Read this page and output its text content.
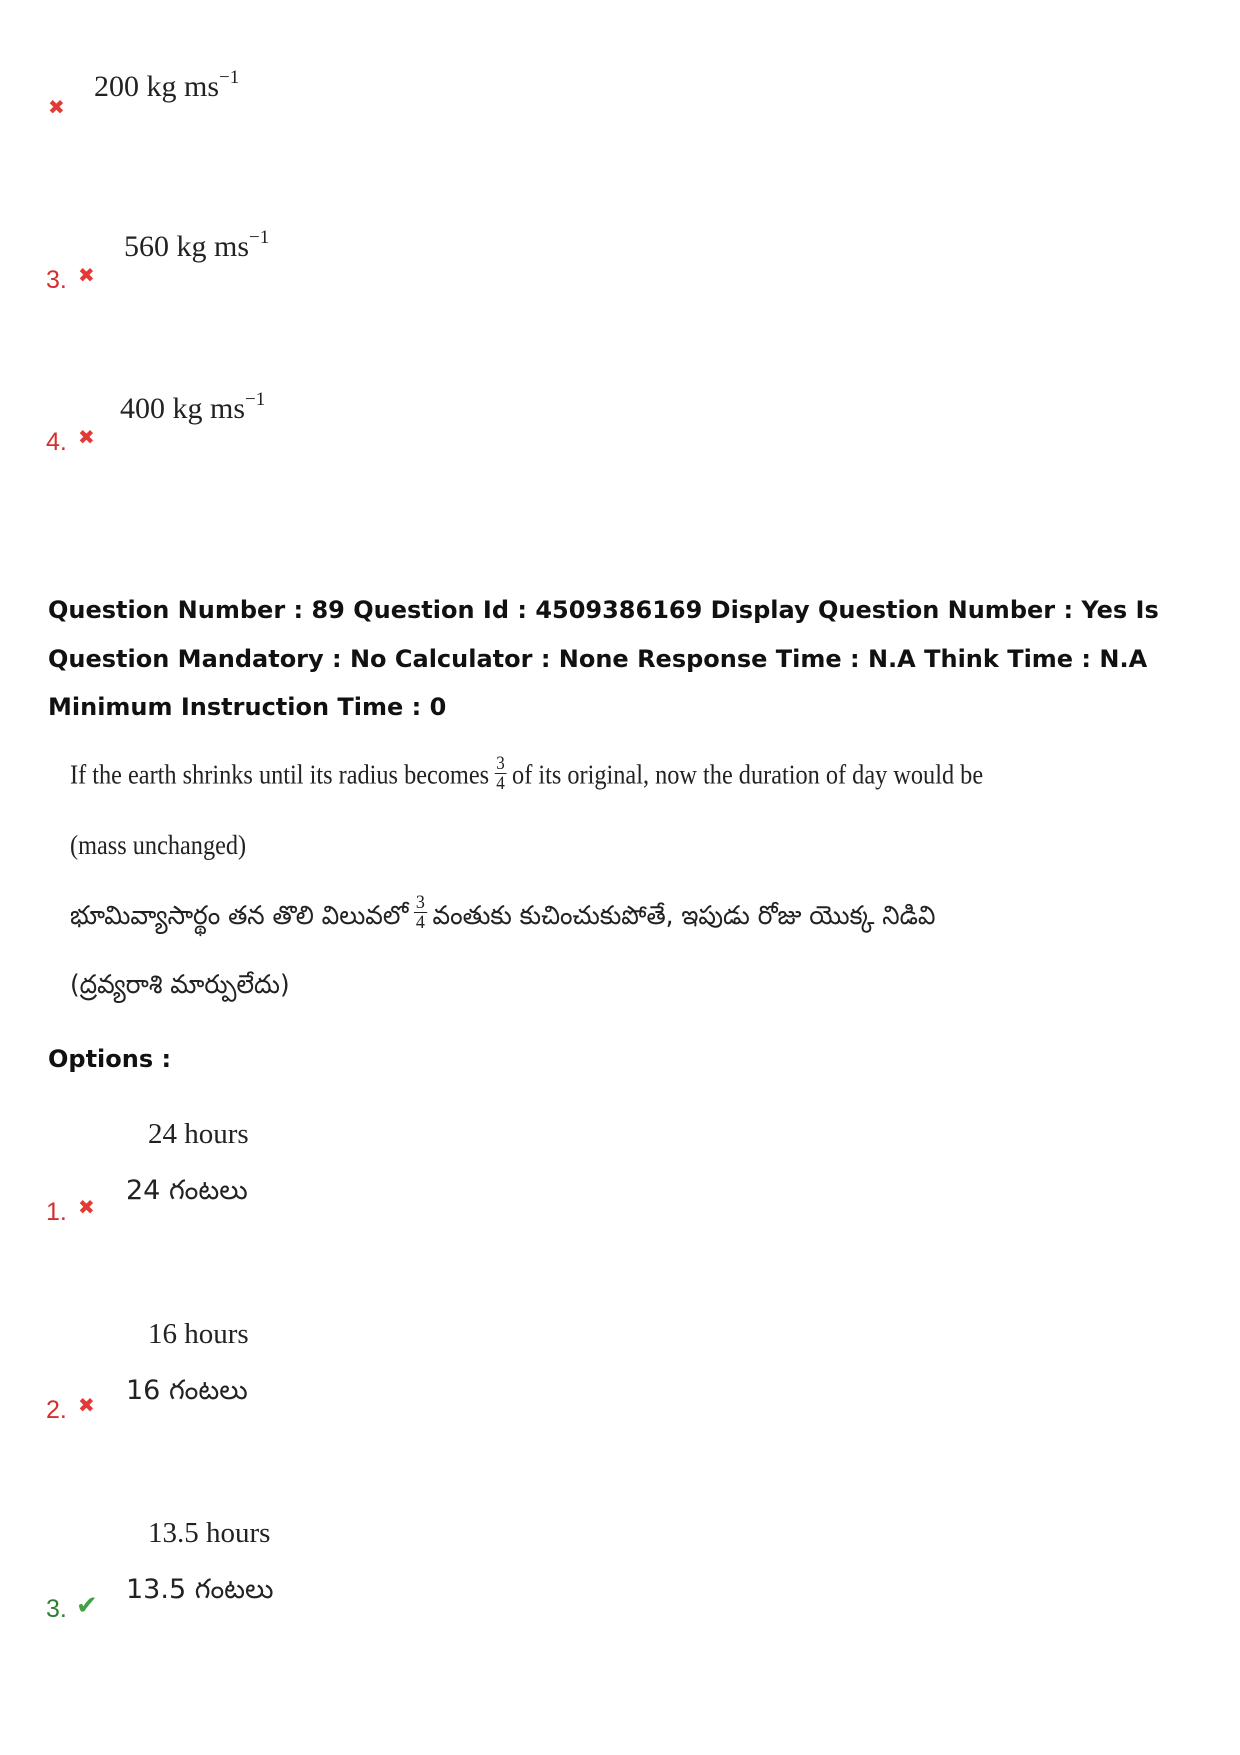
✖
200 kg $ms^{-1}$
3. ✖
560 kg $ms^{-1}$
4. ✖
400 kg $ms^{-1}$
Question Number : 89 Question Id : 4509386169 Display Question Number : Yes Is Question Mandatory : No Calculator : None Response Time : N.A Think Time : N.A Minimum Instruction Time : 0
If the earth shrinks until its radius becomes $\frac{3}{4}$ of its original, now the duration of day would be
(mass unchanged)
భూమివ్యాసార్థం తన తొలి విలువలో $\frac{3}{4}$ వంతుకు కుచించుకుపోతే, ఇపుడు రోజు యొక్క నిడివి
(ద్రవ్యరాశి మార్పులేదు)
Options :
24 hours
24 గంటలు
1. ✖
16 hours
16 గంటలు
2. ✖
13.5 hours
13.5 గంటలు
3. ✔
